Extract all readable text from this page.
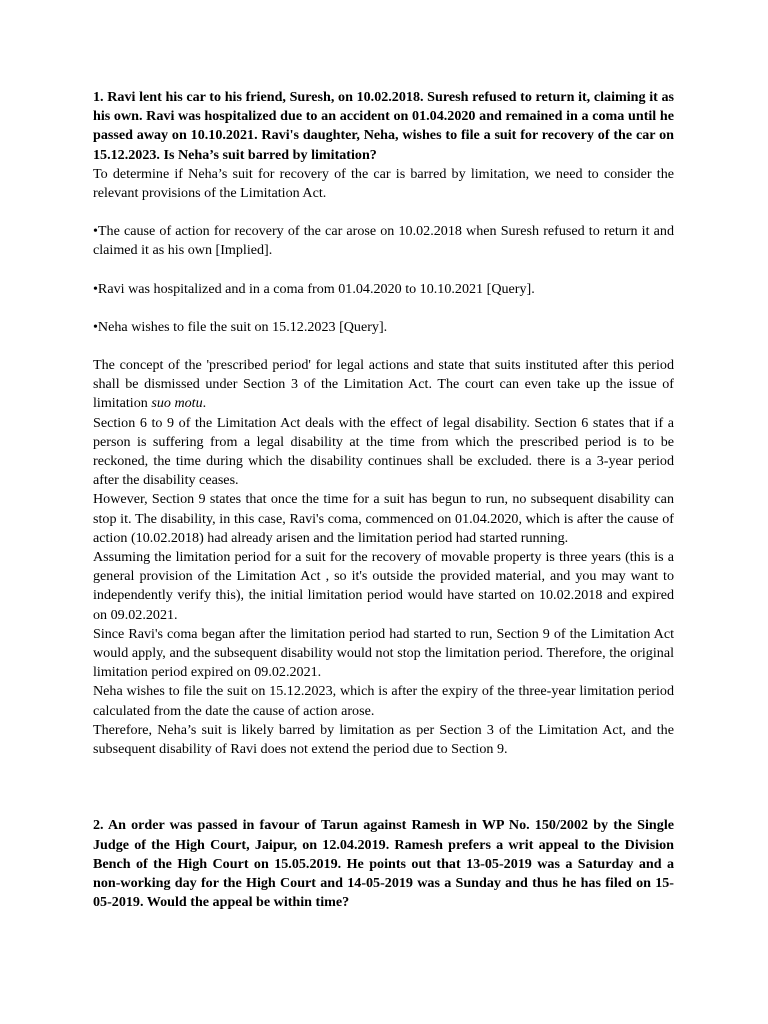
1. Ravi lent his car to his friend, Suresh, on 10.02.2018. Suresh refused to return it, claiming it as his own. Ravi was hospitalized due to an accident on 01.04.2020 and remained in a coma until he passed away on 10.10.2021. Ravi's daughter, Neha, wishes to file a suit for recovery of the car on 15.12.2023. Is Neha’s suit barred by limitation?

To determine if Neha’s suit for recovery of the car is barred by limitation, we need to consider the relevant provisions of the Limitation Act.

•The cause of action for recovery of the car arose on 10.02.2018 when Suresh refused to return it and claimed it as his own [Implied].

•Ravi was hospitalized and in a coma from 01.04.2020 to 10.10.2021 [Query].

•Neha wishes to file the suit on 15.12.2023 [Query].

The concept of the 'prescribed period' for legal actions and state that suits instituted after this period shall be dismissed under Section 3 of the Limitation Act. The court can even take up the issue of limitation suo motu.

Section 6 to 9 of the Limitation Act deals with the effect of legal disability. Section 6 states that if a person is suffering from a legal disability at the time from which the prescribed period is to be reckoned, the time during which the disability continues shall be excluded. there is a 3-year period after the disability ceases.

However, Section 9 states that once the time for a suit has begun to run, no subsequent disability can stop it. The disability, in this case, Ravi's coma, commenced on 01.04.2020, which is after the cause of action (10.02.2018) had already arisen and the limitation period had started running.

Assuming the limitation period for a suit for the recovery of movable property is three years (this is a general provision of the Limitation Act , so it's outside the provided material, and you may want to independently verify this), the initial limitation period would have started on 10.02.2018 and expired on 09.02.2021.

Since Ravi's coma began after the limitation period had started to run, Section 9 of the Limitation Act would apply, and the subsequent disability would not stop the limitation period. Therefore, the original limitation period expired on 09.02.2021.

Neha wishes to file the suit on 15.12.2023, which is after the expiry of the three-year limitation period calculated from the date the cause of action arose.

Therefore, Neha’s suit is likely barred by limitation as per Section 3 of the Limitation Act, and the subsequent disability of Ravi does not extend the period due to Section 9.

2. An order was passed in favour of Tarun against Ramesh in WP No. 150/2002 by the Single Judge of the High Court, Jaipur, on 12.04.2019. Ramesh prefers a writ appeal to the Division Bench of the High Court on 15.05.2019. He points out that 13-05-2019 was a Saturday and a non-working day for the High Court and 14-05-2019 was a Sunday and thus he has filed on 15-05-2019. Would the appeal be within time?
